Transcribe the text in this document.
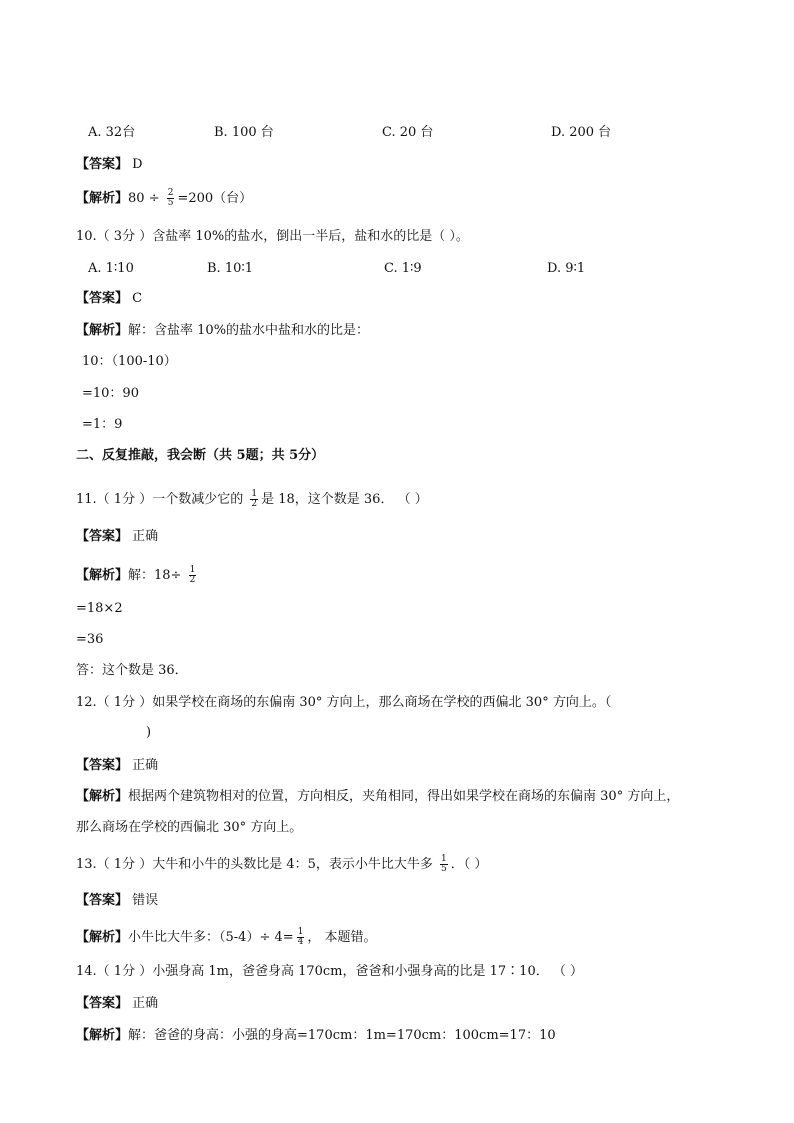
A. 32台	B. 100 台	C. 20 台	D. 200 台
【答案】 D
【解析】$80 \div \frac{2}{5} =200$（台）
10.（ 3分 ）含盐率 10%的盐水，倒出一半后，盐和水的比是（ ）。
A. 1∶10	B. 10∶1	C. 1∶9	D. 9∶1
【答案】 C
【解析】解：含盐率 10%的盐水中盐和水的比是：
10：（100-10）
=10：90
=1：9
二、反复推敲，我会断（共 5题；共 5分）
11.（ 1分 ）一个数减少它的 $\frac{1}{2}$ 是 18，这个数是 36． （ ）
【答案】 正确
【解析】解：$18\div \frac{1}{2}$
=18×2
=36
答：这个数是 36．
12.（ 1分 ）如果学校在商场的东偏南 30° 方向上，那么商场在学校的西偏北 30° 方向上。（
)
【答案】 正确
【解析】根据两个建筑物相对的位置，方向相反，夹角相同，得出如果学校在商场的东偏南 30° 方向上，
那么商场在学校的西偏北 30° 方向上。
13.（ 1分 ）大牛和小牛的头数比是 4：5，表示小牛比大牛多 $\frac{1}{5}$ ．（ ）
【答案】 错误
【解析】小牛比大牛多：$(5-4)\div 4= \frac{1}{4}$ ， 本题错。
14.（ 1分 ）小强身高 1m，爸爸身高 170cm，爸爸和小强身高的比是 17∶10． （ ）
【答案】 正确
【解析】解：爸爸的身高：小强的身高=170cm：1m=170cm：100cm=17：10
